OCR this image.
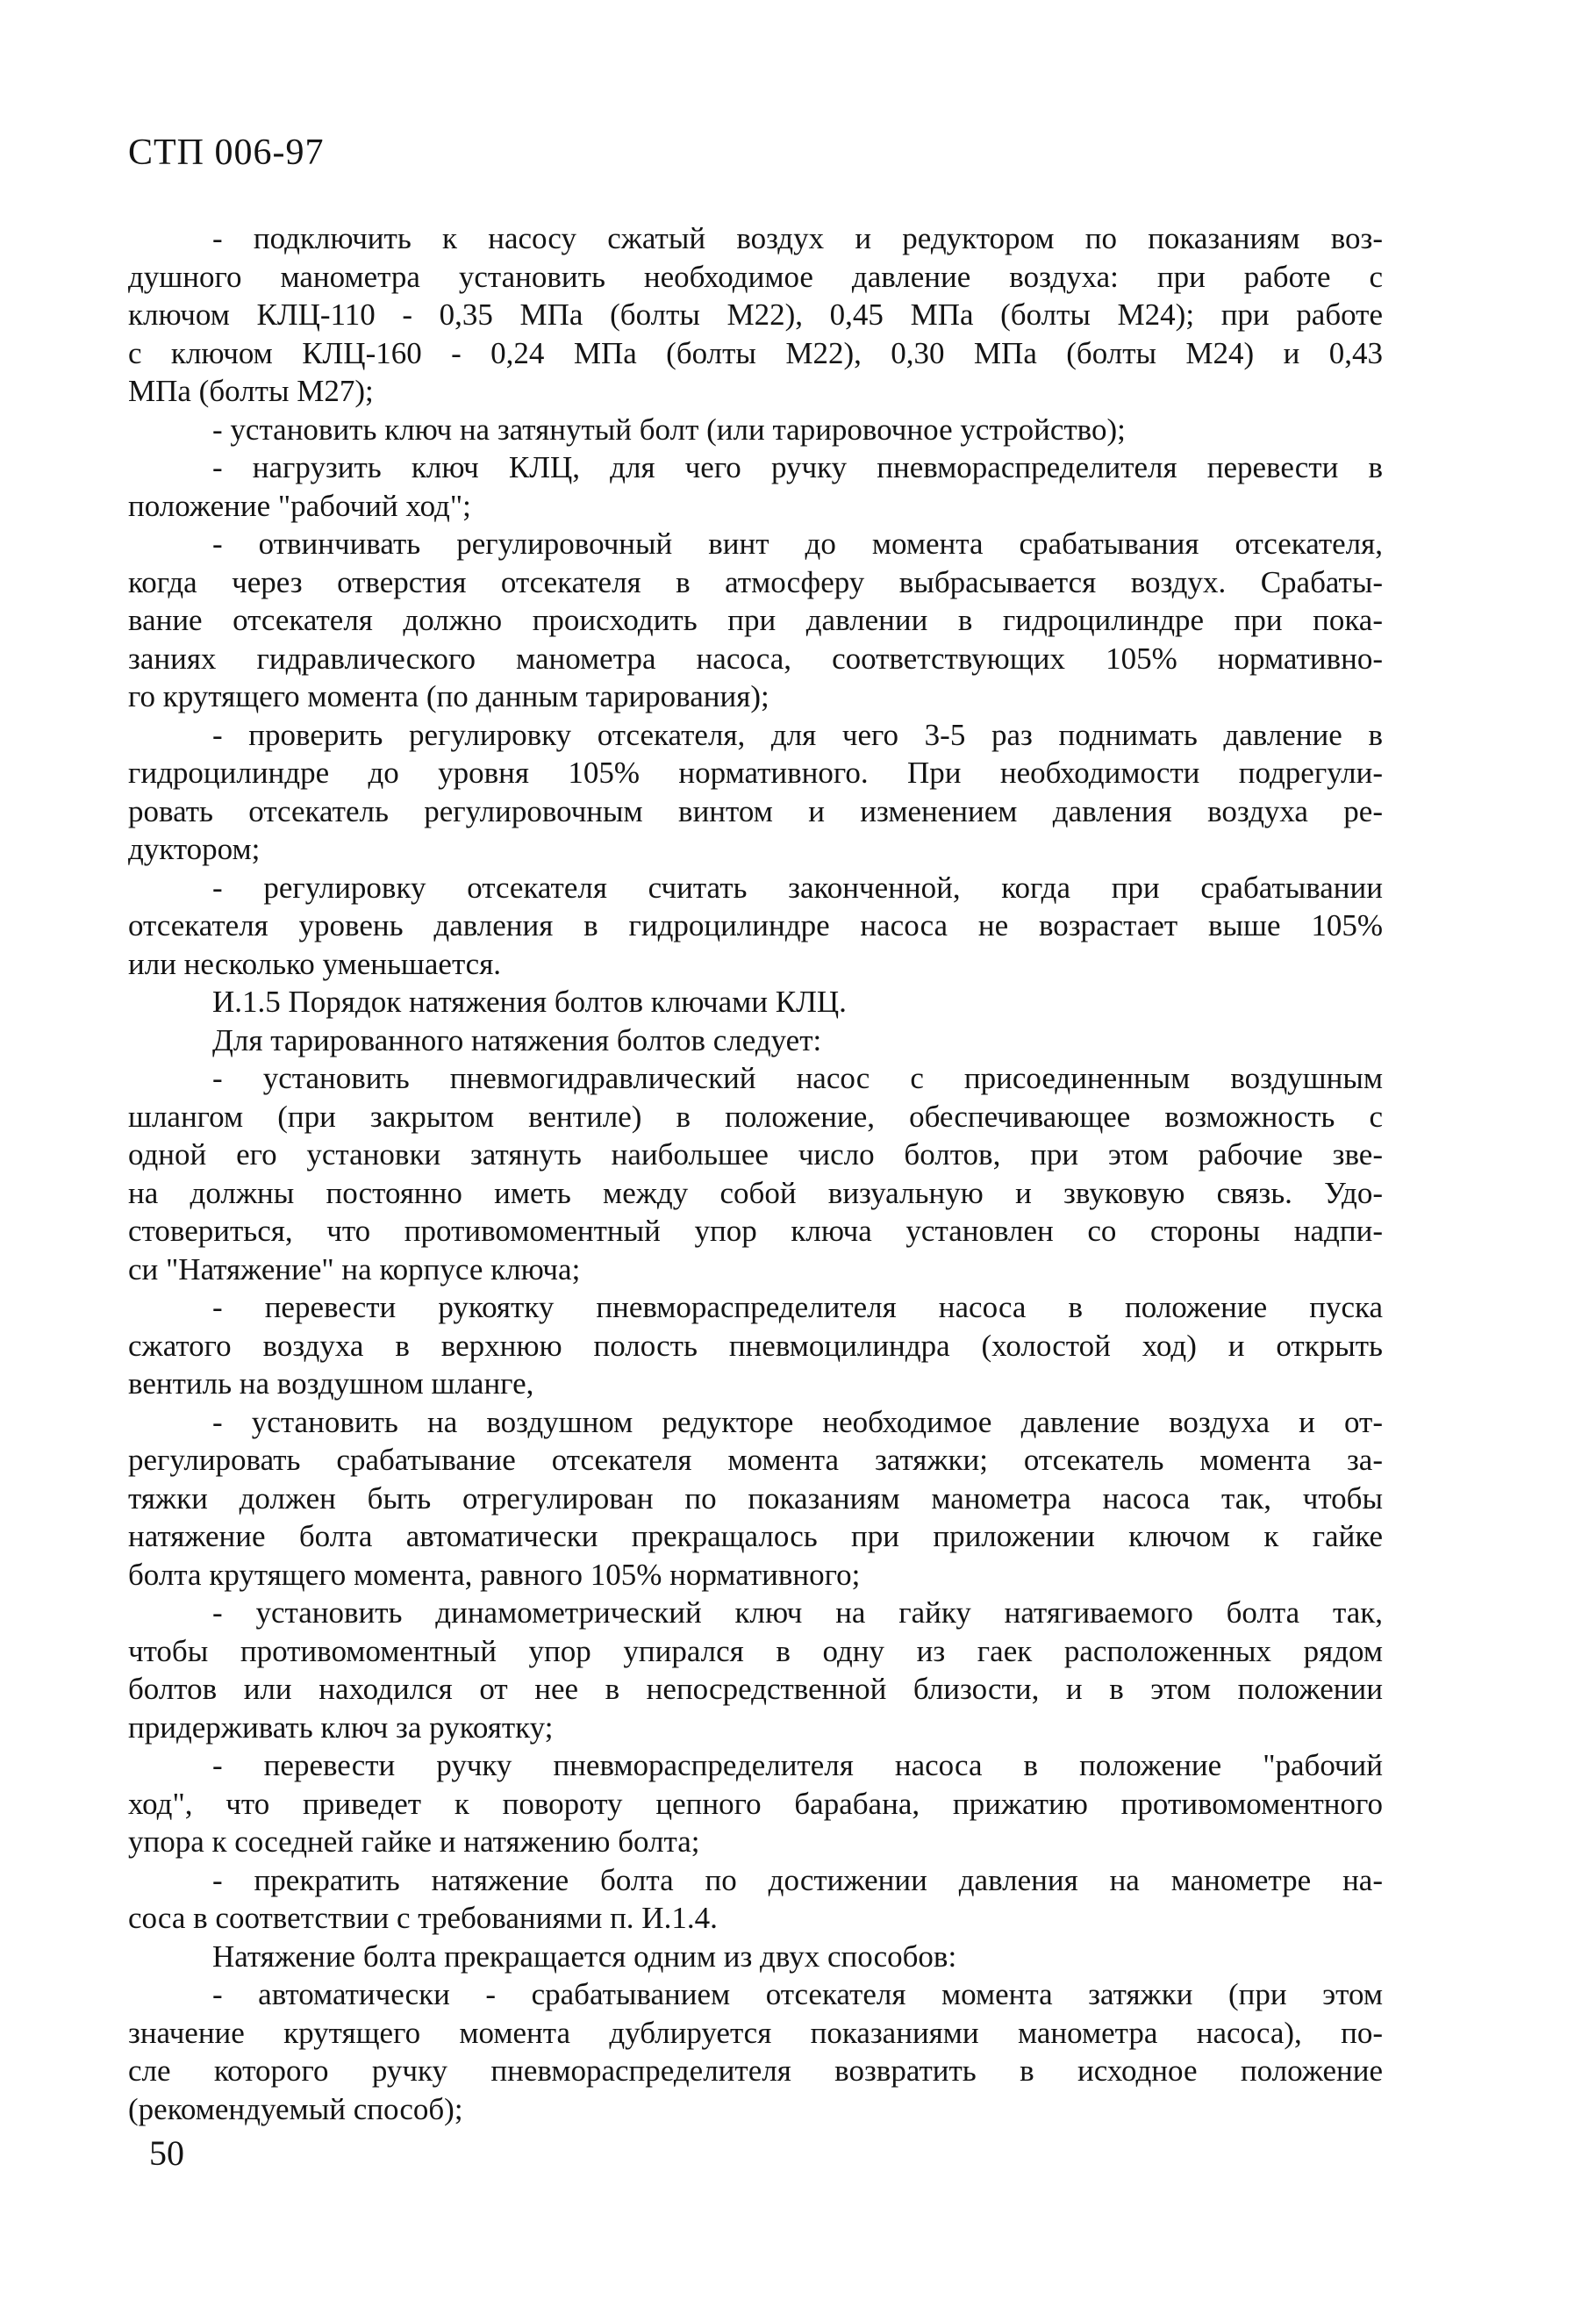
СТП 006-97
- подключить к насосу сжатый воздух и редуктором по показаниям воз-
душного манометра установить необходимое давление воздуха: при работе с
ключом КЛЦ-110 - 0,35 МПа (болты М22), 0,45 МПа (болты М24); при работе
с ключом КЛЦ-160 - 0,24 МПа (болты М22), 0,30 МПа (болты М24) и 0,43
МПа (болты М27);
- установить ключ на затянутый болт (или тарировочное устройство);
- нагрузить ключ КЛЦ, для чего ручку пневмораспределителя перевести в
положение "рабочий ход";
- отвинчивать регулировочный винт до момента срабатывания отсекателя,
когда через отверстия отсекателя в атмосферу выбрасывается воздух. Срабаты-
вание отсекателя должно происходить при давлении в гидроцилиндре при пока-
заниях гидравлического манометра насоса, соответствующих 105% нормативно-
го крутящего момента (по данным тарирования);
- проверить регулировку отсекателя, для чего 3-5 раз поднимать давление в
гидроцилиндре до уровня 105% нормативного. При необходимости подрегули-
ровать отсекатель регулировочным винтом и изменением давления воздуха ре-
дуктором;
- регулировку отсекателя считать законченной, когда при срабатывании
отсекателя уровень давления в гидроцилиндре насоса не возрастает выше 105%
или несколько уменьшается.
И.1.5 Порядок натяжения болтов ключами КЛЦ.
Для тарированного натяжения болтов следует:
- установить пневмогидравлический насос с присоединенным воздушным
шлангом (при закрытом вентиле) в положение, обеспечивающее возможность с
одной его установки затянуть наибольшее число болтов, при этом рабочие зве-
на должны постоянно иметь между собой визуальную и звуковую связь. Удо-
стовериться, что противомоментный упор ключа установлен со стороны надпи-
си "Натяжение" на корпусе ключа;
- перевести рукоятку пневмораспределителя насоса в положение пуска
сжатого воздуха в верхнюю полость пневмоцилиндра (холостой ход) и открыть
вентиль на воздушном шланге,
- установить на воздушном редукторе необходимое давление воздуха и от-
регулировать срабатывание отсекателя момента затяжки; отсекатель момента за-
тяжки должен быть отрегулирован по показаниям манометра насоса так, чтобы
натяжение болта автоматически прекращалось при приложении ключом к гайке
болта крутящего момента, равного 105% нормативного;
- установить динамометрический ключ на гайку натягиваемого болта так,
чтобы противомоментный упор упирался в одну из гаек расположенных рядом
болтов или находился от нее в непосредственной близости, и в этом положении
придерживать ключ за рукоятку;
- перевести ручку пневмораспределителя насоса в положение "рабочий
ход", что приведет к повороту цепного барабана, прижатию противомоментного
упора к соседней гайке и натяжению болта;
- прекратить натяжение болта по достижении давления на манометре на-
соса в соответствии с требованиями п. И.1.4.
Натяжение болта прекращается одним из двух способов:
- автоматически - срабатыванием отсекателя момента затяжки (при этом
значение крутящего момента дублируется показаниями манометра насоса), по-
сле которого ручку пневмораспределителя возвратить в исходное положение
(рекомендуемый способ);
50
